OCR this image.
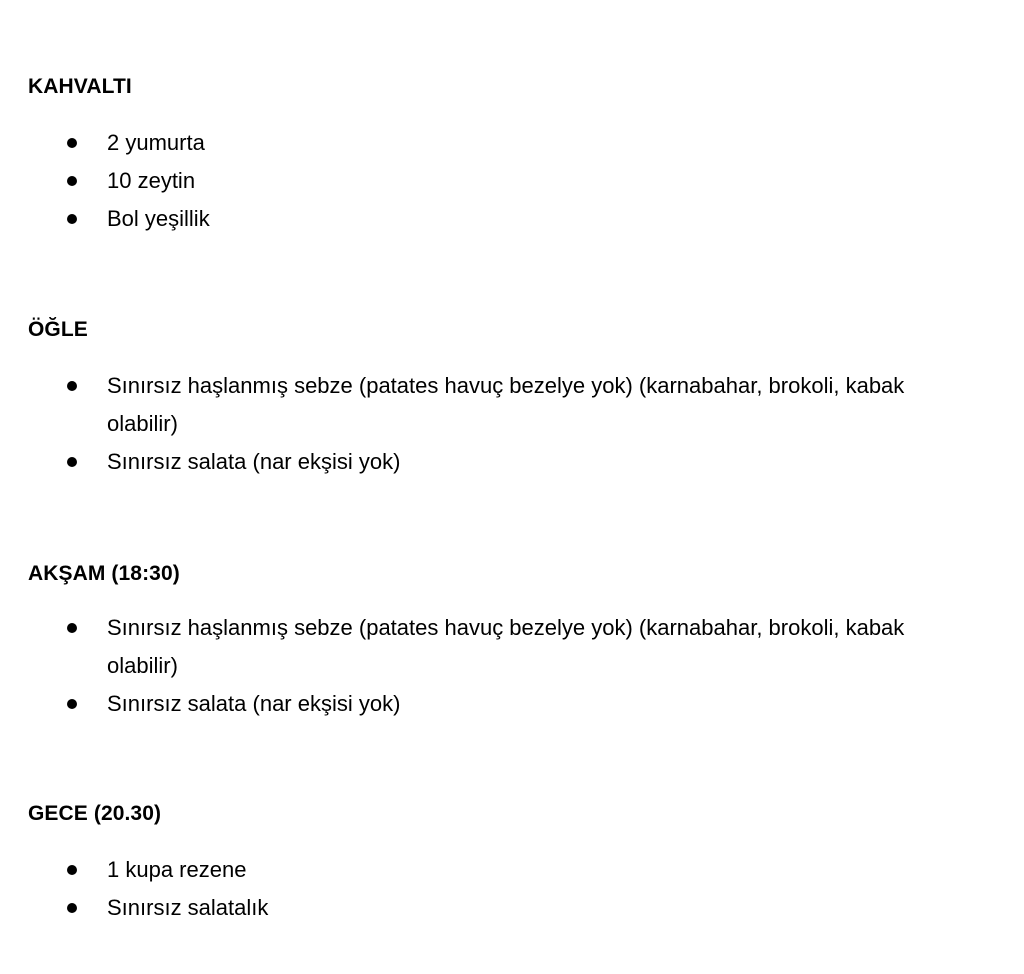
KAHVALTI
2 yumurta
10 zeytin
Bol yeşillik
ÖĞLE
Sınırsız haşlanmış sebze (patates havuç bezelye yok) (karnabahar, brokoli, kabak olabilir)
Sınırsız salata (nar ekşisi yok)
AKŞAM (18:30)
Sınırsız haşlanmış sebze (patates havuç bezelye yok) (karnabahar, brokoli, kabak olabilir)
Sınırsız salata (nar ekşisi yok)
GECE (20.30)
1 kupa rezene
Sınırsız salatalık
